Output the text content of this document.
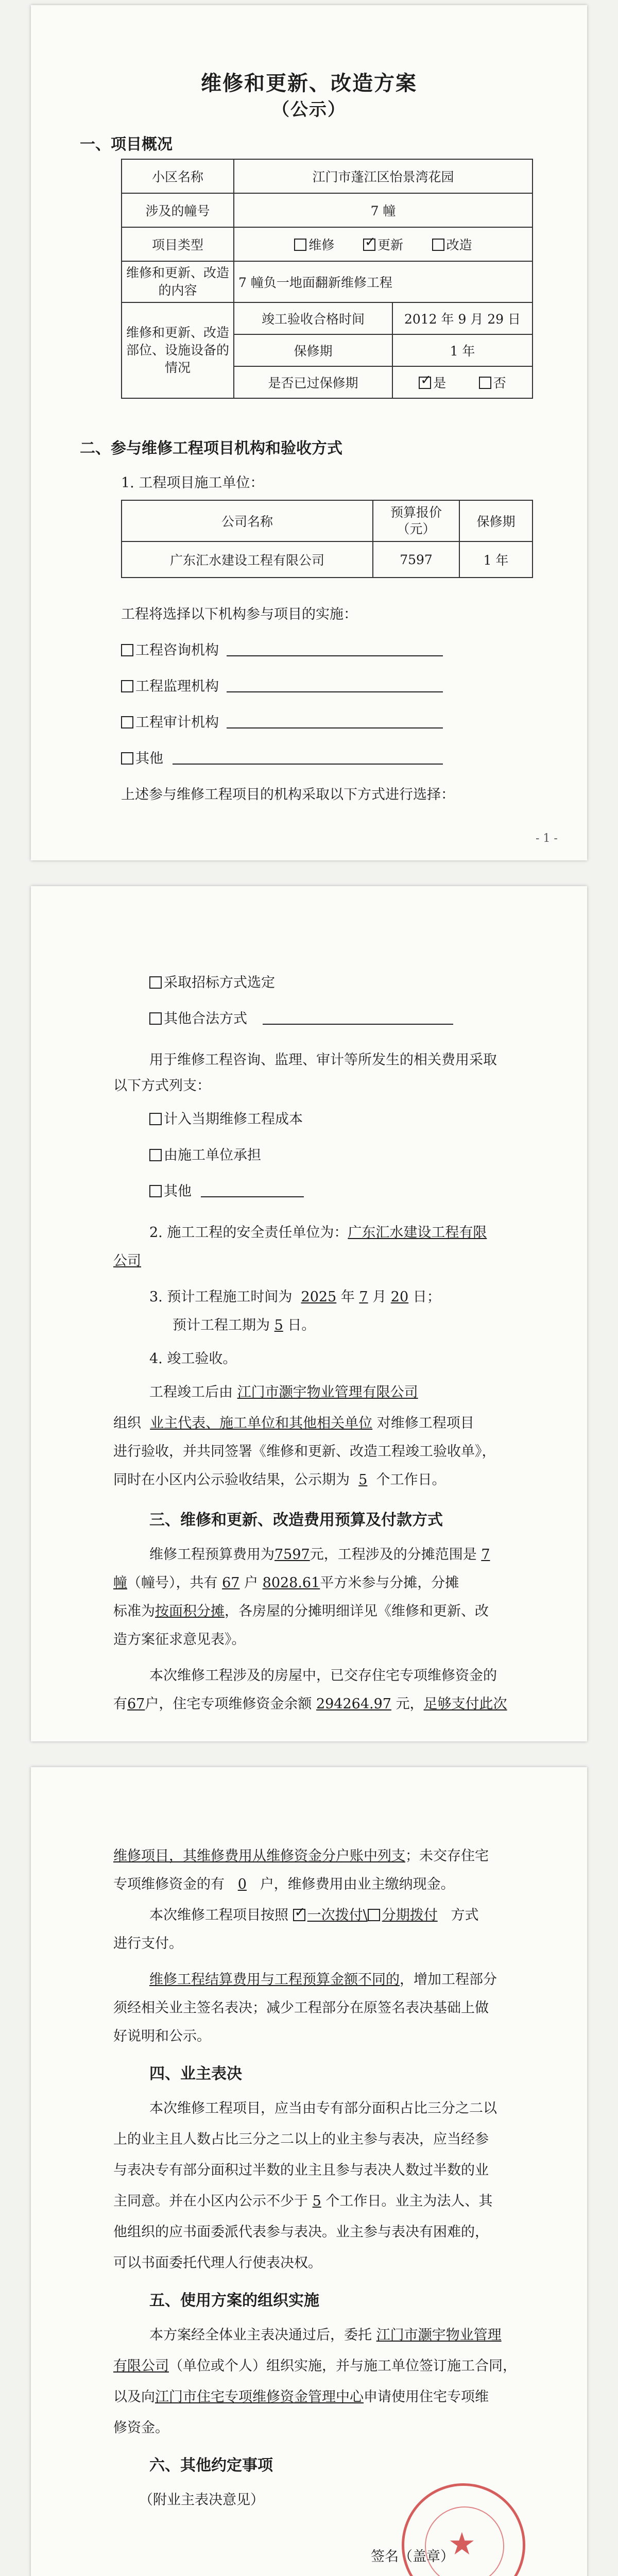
维修和更新、改造方案
（公示）
一、项目概况
小区名称	江门市蓬江区怡景湾花园	
涉及的幢号	7 幢	
项目类型	维修 ✓ 更新 改造
维修和更新、改造的内容	7 幢负一地面翻新维修工程	
维修和更新、改造部位、设施设备的情况	竣工验收合格时间	2012 年 9 月 29 日
	保修期	1 年
	是否已过保修期	✓是 否
二、参与维修工程项目机构和验收方式
1. 工程项目施工单位：
公司名称	预算报价（元）	保修期
广东汇水建设工程有限公司	7597	1 年
工程将选择以下机构参与项目的实施：
工程咨询机构
工程监理机构
工程审计机构
其他
上述参与维修工程项目的机构采取以下方式进行选择：
- 1 -
采取招标方式选定
其他合法方式
用于维修工程咨询、监理、审计等所发生的相关费用采取
以下方式列支：
计入当期维修工程成本
由施工单位承担
其他
2. 施工工程的安全责任单位为：广东汇水建设工程有限
公司
3. 预计工程施工时间为 2025 年 7 月 20 日；
预计工程工期为 5 日。
4. 竣工验收。
工程竣工后由 江门市灏宇物业管理有限公司
组织 业主代表、施工单位和其他相关单位 对维修工程项目
进行验收，并共同签署《维修和更新、改造工程竣工验收单》，
同时在小区内公示验收结果，公示期为 5 个工作日。
三、维修和更新、改造费用预算及付款方式
维修工程预算费用为7597元，工程涉及的分摊范围是 7
幢（幢号），共有 67 户 8028.61平方米参与分摊，分摊
标准为按面积分摊，各房屋的分摊明细详见《维修和更新、改
造方案征求意见表》。
本次维修工程涉及的房屋中，已交存住宅专项维修资金的
有67户，住宅专项维修资金余额 294264.97 元，足够支付此次
维修项目，其维修费用从维修资金分户账中列支；未交存住宅
专项维修资金的有 0 户，维修费用由业主缴纳现金。
本次维修工程项目按照 ✓ 一次拨付\ 分期拨付 方式
进行支付。
维修工程结算费用与工程预算金额不同的，增加工程部分
须经相关业主签名表决；减少工程部分在原签名表决基础上做
好说明和公示。
四、业主表决
本次维修工程项目，应当由专有部分面积占比三分之二以
上的业主且人数占比三分之二以上的业主参与表决，应当经参
与表决专有部分面积过半数的业主且参与表决人数过半数的业
主同意。并在小区内公示不少于 5 个工作日。业主为法人、其
他组织的应书面委派代表参与表决。业主参与表决有困难的，
可以书面委托代理人行使表决权。
五、使用方案的组织实施
本方案经全体业主表决通过后，委托 江门市灏宇物业管理
有限公司（单位或个人）组织实施，并与施工单位签订施工合同，
以及向江门市住宅专项维修资金管理中心申请使用住宅专项维
修资金。
六、其他约定事项
（附业主表决意见）
★
签名（盖章）
